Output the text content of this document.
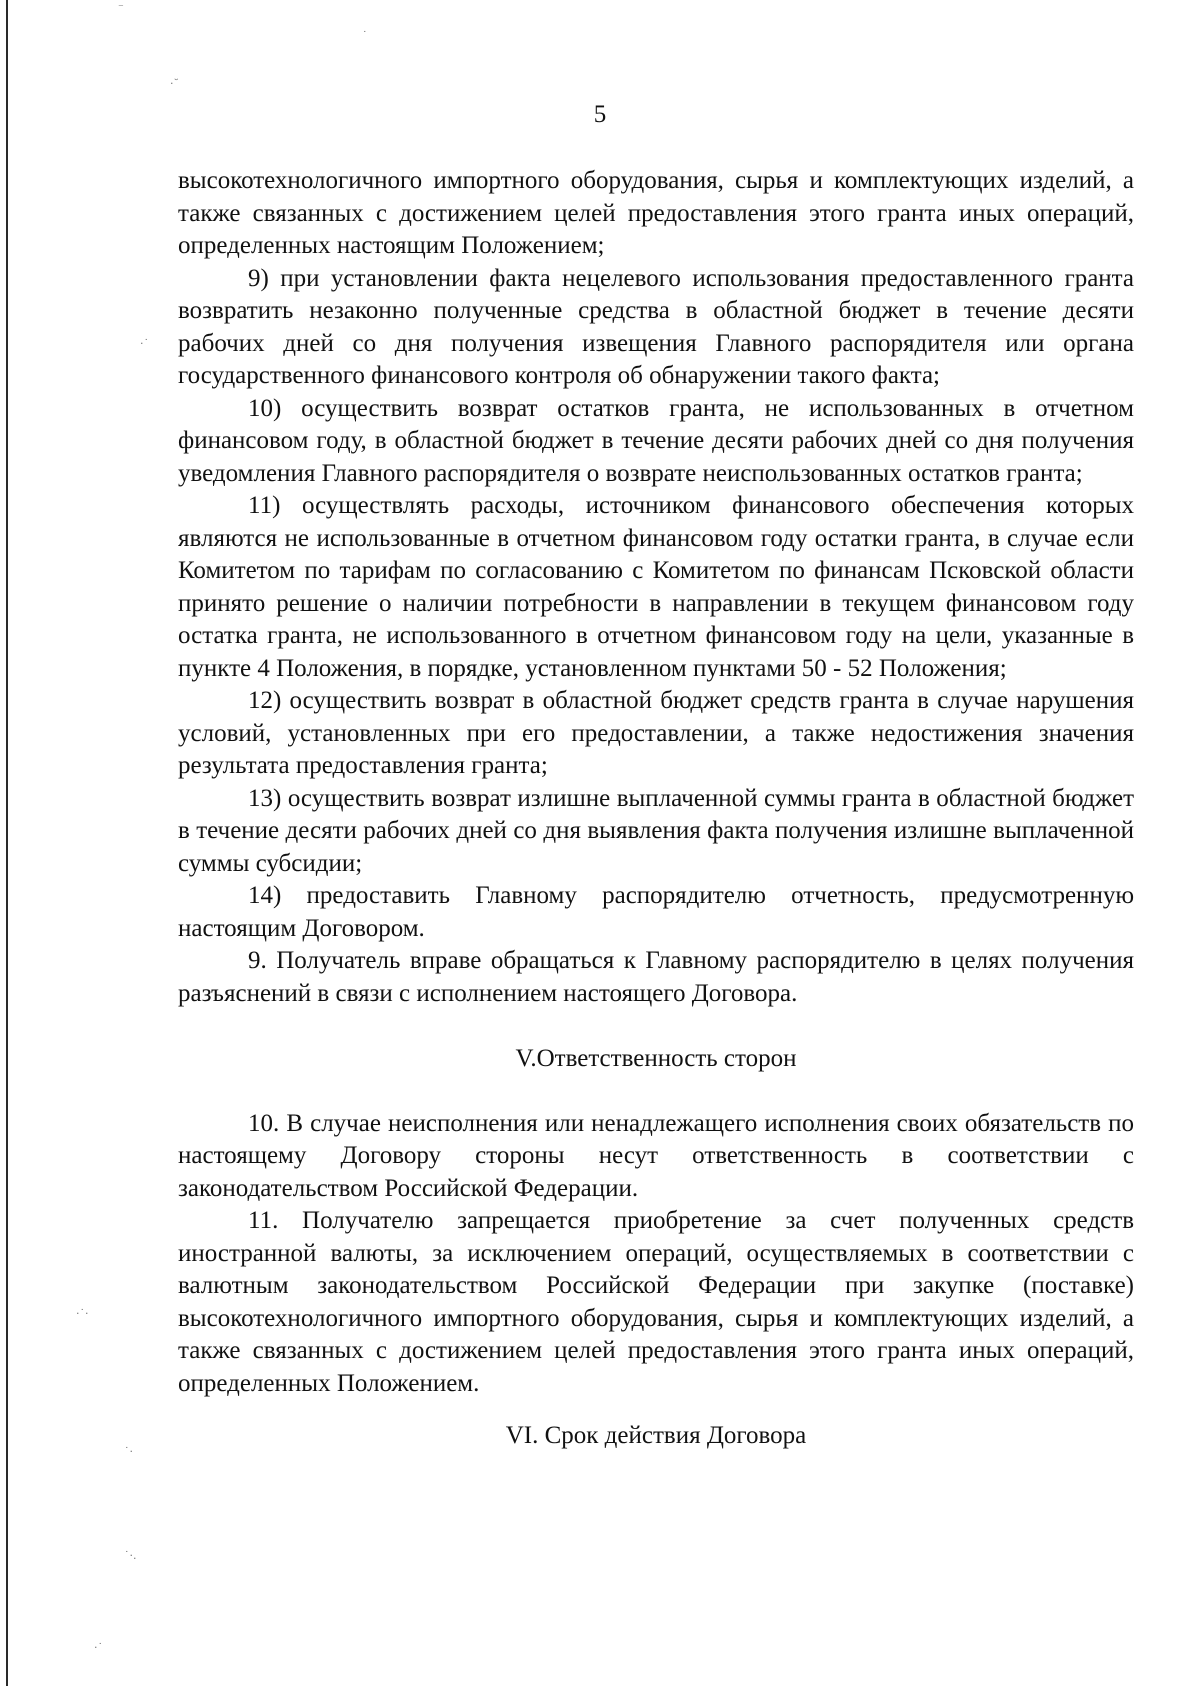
⁻
˙
·˘
·˙
·˙·
˙·
˙·.
·˙
5

высокотехнологичного импортного оборудования, сырья и комплектующих изделий, а также связанных с достижением целей предоставления этого гранта иных операций, определенных настоящим Положением;

9) при установлении факта нецелевого использования предоставленного гранта возвратить незаконно полученные средства в областной бюджет в течение десяти рабочих дней со дня получения извещения Главного распорядителя или органа государственного финансового контроля об обнаружении такого факта;

10) осуществить возврат остатков гранта, не использованных в отчетном финансовом году, в областной бюджет в течение десяти рабочих дней со дня получения уведомления Главного распорядителя о возврате неиспользованных остатков гранта;

11) осуществлять расходы, источником финансового обеспечения которых являются не использованные в отчетном финансовом году остатки гранта, в случае если Комитетом по тарифам по согласованию с Комитетом по финансам Псковской области принято решение о наличии потребности в направлении в текущем финансовом году остатка гранта, не использованного в отчетном финансовом году на цели, указанные в пункте 4 Положения, в порядке, установленном пунктами 50 - 52 Положения;

12) осуществить возврат в областной бюджет средств гранта в случае нарушения условий, установленных при его предоставлении, а также недостижения значения результата предоставления гранта;

13) осуществить возврат излишне выплаченной суммы гранта в областной бюджет в течение десяти рабочих дней со дня выявления факта получения излишне выплаченной суммы субсидии;

14) предоставить Главному распорядителю отчетность, предусмотренную настоящим Договором.

9. Получатель вправе обращаться к Главному распорядителю в целях получения разъяснений в связи с исполнением настоящего Договора.

V.Ответственность сторон

10. В случае неисполнения или ненадлежащего исполнения своих обязательств по настоящему Договору стороны несут ответственность в соответствии с законодательством Российской Федерации.

11. Получателю запрещается приобретение за счет полученных средств иностранной валюты, за исключением операций, осуществляемых в соответствии с валютным законодательством Российской Федерации при закупке (поставке) высокотехнологичного импортного оборудования, сырья и комплектующих изделий, а также связанных с достижением целей предоставления этого гранта иных операций, определенных Положением.

VI. Срок действия Договора
